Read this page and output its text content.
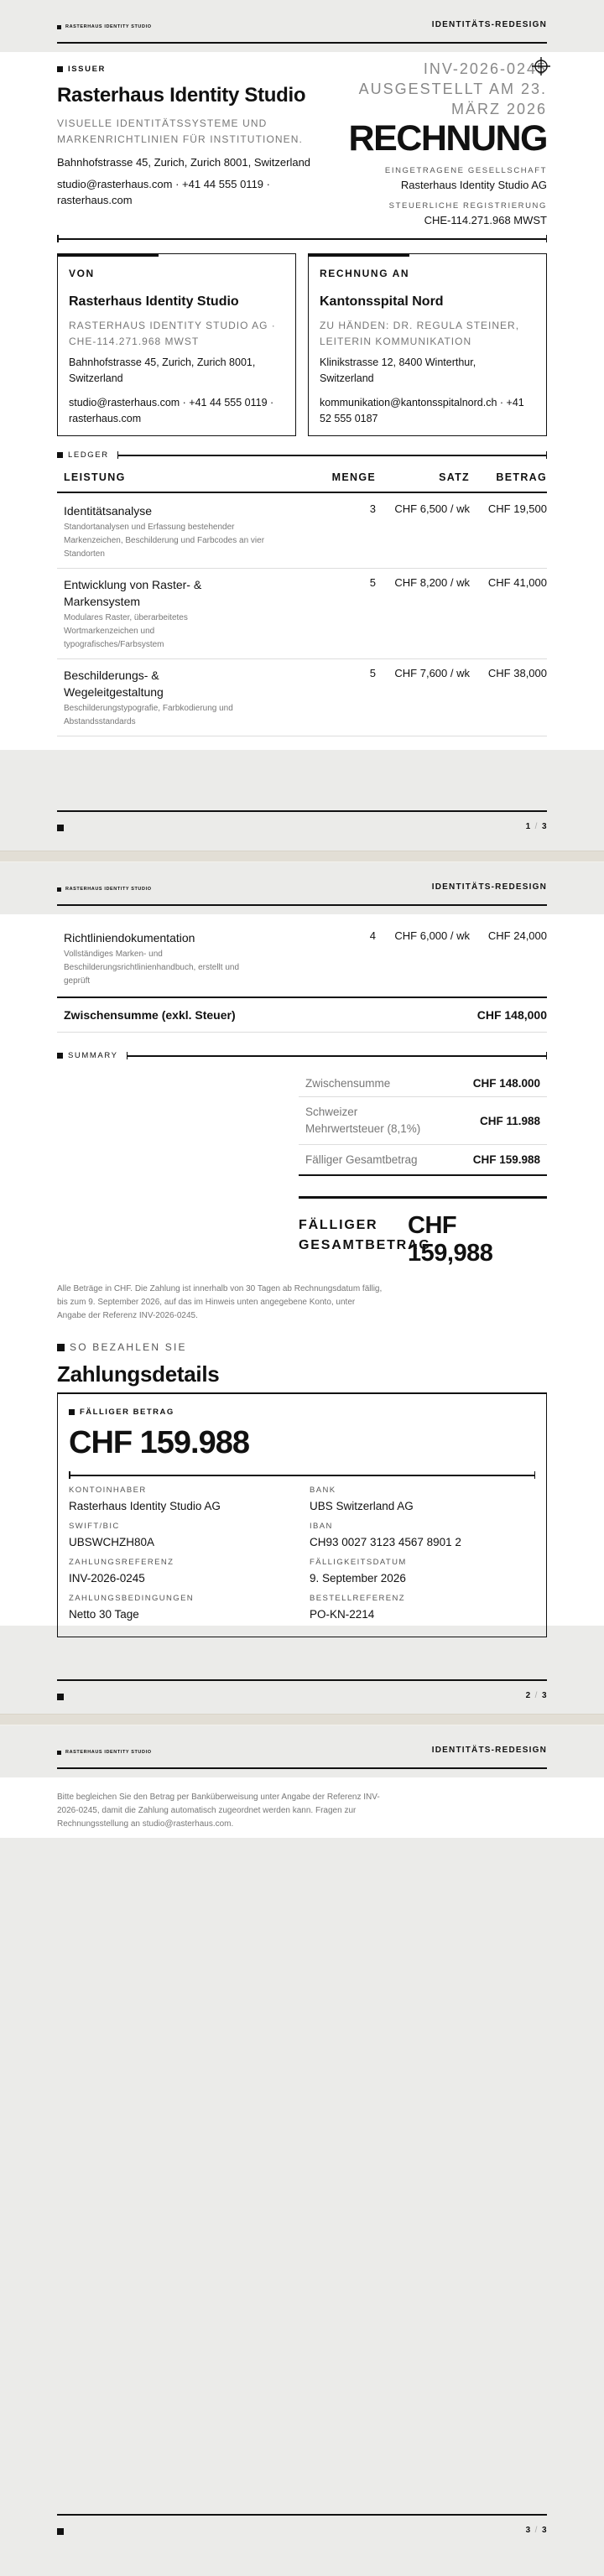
RASTERHAUS IDENTITY STUDIO	IDENTITÄTS-REDESIGN
ISSUER
Rasterhaus Identity Studio
VISUELLE IDENTITÄTSSYSTEME UND MARKENRICHTLINIEN FÜR INSTITUTIONEN.
Bahnhofstrasse 45, Zurich, Zurich 8001, Switzerland
studio@rasterhaus.com · +41 44 555 0119 · rasterhaus.com
INV-2026-0245
AUSGESTELLT AM 23. MÄRZ 2026
RECHNUNG
EINGETRAGENE GESELLSCHAFT
Rasterhaus Identity Studio AG
STEUERLICHE REGISTRIERUNG
CHE-114.271.968 MWST
VON
Rasterhaus Identity Studio
RASTERHAUS IDENTITY STUDIO AG · CHE-114.271.968 MWST
Bahnhofstrasse 45, Zurich, Zurich 8001, Switzerland
studio@rasterhaus.com · +41 44 555 0119 · rasterhaus.com
RECHNUNG AN
Kantonsspital Nord
ZU HÄNDEN: DR. REGULA STEINER, LEITERIN KOMMUNIKATION
Klinikstrasse 12, 8400 Winterthur, Switzerland
kommunikation@kantonsspitalnord.ch · +41 52 555 0187
LEDGER
LEISTUNG	MENGE	SATZ	BETRAG

Identitätsanalyse
Standortanalysen und Erfassung bestehender Markenzeichen, Beschilderung und Farbcodes an vier Standorten	3	CHF 6,500 / wk	CHF 19,500

Entwicklung von Raster- & Markensystem
Modulares Raster, überarbeitetes Wortmarkenzeichen und typografisches/Farbsystem	5	CHF 8,200 / wk	CHF 41,000

Beschilderungs- & Wegeleitgestaltung
Beschilderungstypografie, Farbkodierung und Abstandsstandards	5	CHF 7,600 / wk	CHF 38,000
1 / 3
RASTERHAUS IDENTITY STUDIO	IDENTITÄTS-REDESIGN
Richtliniendokumentation
Vollständiges Marken- und Beschilderungsrichtlinienhandbuch, erstellt und geprüft	4	CHF 6,000 / wk	CHF 24,000
Zwischensumme (exkl. Steuer)			CHF 148,000
SUMMARY
Zwischensumme	CHF 148.000
Schweizer Mehrwertsteuer (8,1%)
CHF 11.988
Fälliger Gesamtbetrag	CHF 159.988
FÄLLIGER GESAMTBETRAG
CHF 159,988
Alle Beträge in CHF. Die Zahlung ist innerhalb von 30 Tagen ab Rechnungsdatum fällig, bis zum 9. September 2026, auf das im Hinweis unten angegebene Konto, unter Angabe der Referenz INV-2026-0245.
SO BEZAHLEN SIE
Zahlungsdetails
FÄLLIGER BETRAG
CHF 159.988
KONTOINHABER
Rasterhaus Identity Studio AG
BANK
UBS Switzerland AG
SWIFT/BIC
UBSWCHZH80A
IBAN
CH93 0027 3123 4567 8901 2
ZAHLUNGSREFERENZ
INV-2026-0245
FÄLLIGKEITSDATUM
9. September 2026
ZAHLUNGSBEDINGUNGEN
Netto 30 Tage
BESTELLREFERENZ
PO-KN-2214
2 / 3
RASTERHAUS IDENTITY STUDIO	IDENTITÄTS-REDESIGN
Bitte begleichen Sie den Betrag per Banküberweisung unter Angabe der Referenz INV-2026-0245, damit die Zahlung automatisch zugeordnet werden kann. Fragen zur Rechnungsstellung an studio@rasterhaus.com.
3 / 3
